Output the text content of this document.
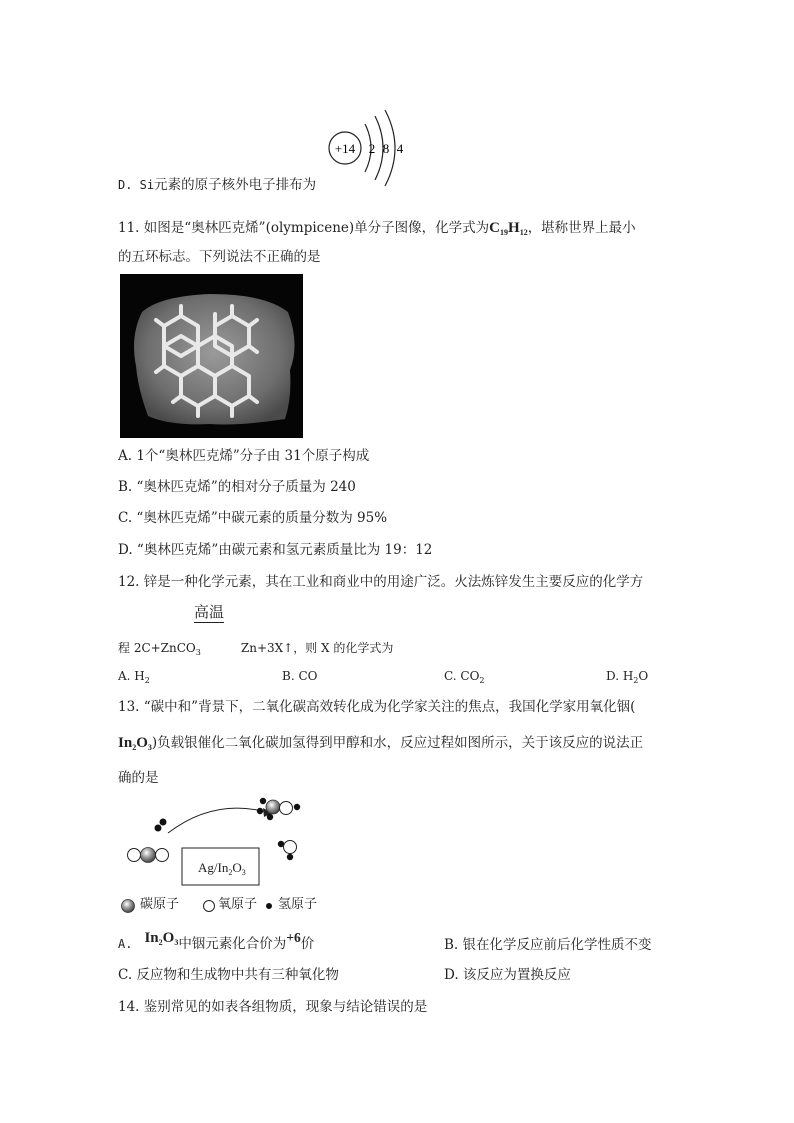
+14 2 8 4
D. Si元素的原子核外电子排布为
11. 如图是“奥林匹克烯”(olympicene)单分子图像，化学式为$C_{19}H_{12}$，堪称世界上最小
的五环标志。下列说法不正确的是
A. 1个“奥林匹克烯”分子由 31个原子构成
B. “奥林匹克烯”的相对分子质量为 240
C. “奥林匹克烯”中碳元素的质量分数为 95%
D. “奥林匹克烯”由碳元素和氢元素质量比为 19：12
12. 锌是一种化学元素，其在工业和商业中的用途广泛。火法炼锌发生主要反应的化学方
高温
程 2C+ZnCO$_3$	Zn+3X↑，则 X 的化学式为
A. $H_2$	B. CO	C. $CO_2$	D. $H_2O$
13. “碳中和”背景下，二氧化碳高效转化成为化学家关注的焦点，我国化学家用氧化铟(
$In_2O_3$)负载银催化二氧化碳加氢得到甲醇和水，反应过程如图所示，关于该反应的说法正
确的是
$Ag/In_2O_3$
碳原子	氧原子 氢原子
A. $In_2O_3$中铟元素化合价为+6价	B. 银在化学反应前后化学性质不变
C. 反应物和生成物中共有三种氧化物	D. 该反应为置换反应
14. 鉴别常见的如表各组物质，现象与结论错误的是
